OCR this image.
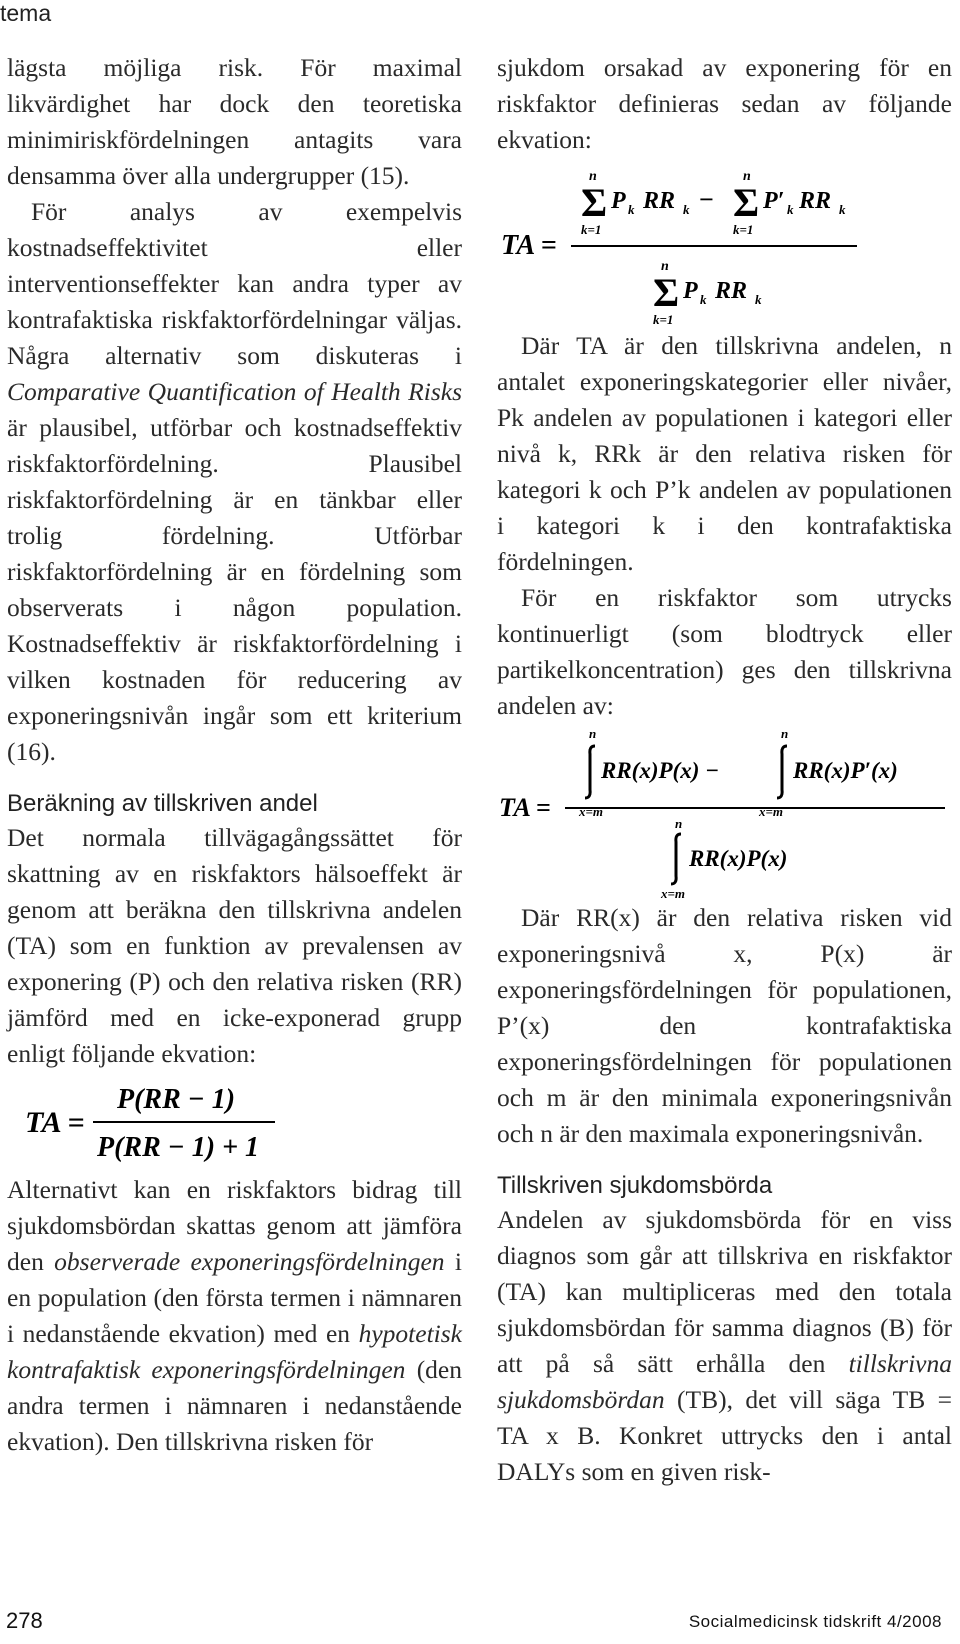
tema

lägsta möjliga risk. För maximal likvärdighet har dock den teoretiska minimiriskfördelningen antagits vara densamma över alla undergrupper (15).

För analys av exempelvis kostnadseffektivitet eller interventionseffekter kan andra typer av kontrafaktiska riskfaktorfördelningar väljas. Några alternativ som diskuteras i Comparative Quantification of Health Risks är plausibel, utförbar och kostnadseffektiv riskfaktorfördelning. Plausibel riskfaktorfördelning är en tänkbar eller trolig fördelning. Utförbar riskfaktorfördelning är en fördelning som observerats i någon population. Kostnadseffektiv är riskfaktorfördelning i vilken kostnaden för reducering av exponeringsnivån ingår som ett kriterium (16).

Beräkning av tillskriven andel

Det normala tillvägagångssättet för skattning av en riskfaktors hälsoeffekt är genom att beräkna den tillskrivna andelen (TA) som en funktion av prevalensen av exponering (P) och den relativa risken (RR) jämförd med en icke-exponerad grupp enligt följande ekvation:

TA =
P(RR − 1)
P(RR − 1) + 1

Alternativt kan en riskfaktors bidrag till sjukdomsbördan skattas genom att jämföra den observerade exponeringsfördelningen i en population (den första termen i nämnaren i nedanstående ekvation) med en hypotetisk kontrafaktisk exponeringsfördelningen (den andra termen i nämnaren i nedanstående ekvation). Den tillskrivna risken för

sjukdom orsakad av exponering för en riskfaktor definieras sedan av följande ekvation:

n
Σ
k=1
P k RR k −
n
Σ
k=1
P′ k RR k
TA =
n
Σ
k=1
P k RR k

Där TA är den tillskrivna andelen, n antalet exponeringskategorier eller nivåer, Pk andelen av populationen i kategori eller nivå k, RRk är den relativa risken för kategori k och P’k andelen av populationen i kategori k i den kontrafaktiska fördelningen.

För en riskfaktor som utrycks kontinuerligt (som blodtryck eller partikelkoncentration) ges den tillskrivna andelen av:

n
x=m
RR(x)P(x) −
n
x=m
RR(x)P′(x)
TA =
n
x=m
RR(x)P(x)

Där RR(x) är den relativa risken vid exponeringsnivå x, P(x) är exponeringsfördelningen för populationen, P’(x) den kontrafaktiska exponeringsfördelningen för populationen och m är den minimala exponeringsnivån och n är den maximala exponeringsnivån.

Tillskriven sjukdomsbörda

Andelen av sjukdomsbörda för en viss diagnos som går att tillskriva en riskfaktor (TA) kan multipliceras med den totala sjukdomsbördan för samma diagnos (B) för att på så sätt erhålla den tillskrivna sjukdomsbördan (TB), det vill säga TB = TA x B. Konkret uttrycks den i antal DALYs som en given risk-

278	Socialmedicinsk tidskrift 4/2008
